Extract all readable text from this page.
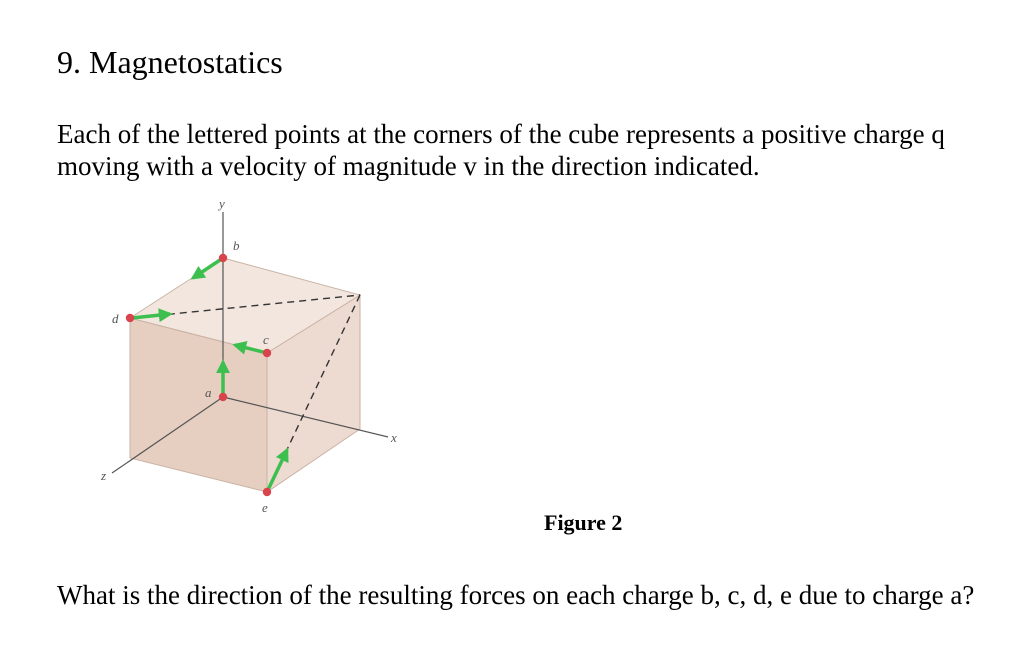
9. Magnetostatics

Each of the lettered points at the corners of the cube represents a positive charge q moving with a velocity of magnitude v in the direction indicated.

y
x
z
b
d
c
a
e
Figure 2

What is the direction of the resulting forces on each charge b, c, d, e due to charge a?
